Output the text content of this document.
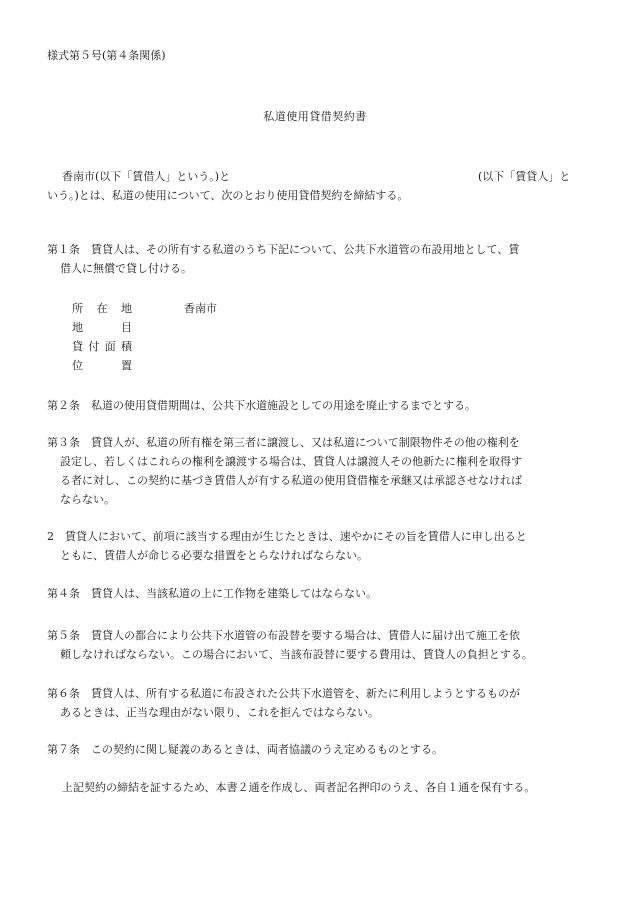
様式第５号(第４条関係)
私道使用貸借契約書
香南市(以下「賃借人」という。)と	(以下「賃貸人」と
いう。)とは、私道の使用について、次のとおり使用貸借契約を締結する。
第１条　賃貸人は、その所有する私道のうち下記について、公共下水道管の布設用地として、賃
借人に無償で貸し付ける。
所在地	香南市
地目
貸付面積
位置
第２条　私道の使用貸借期間は、公共下水道施設としての用途を廃止するまでとする。
第３条　賃貸人が、私道の所有権を第三者に譲渡し、又は私道について制限物件その他の権利を
設定し、若しくはこれらの権利を譲渡する場合は、賃貸人は譲渡人その他新たに権利を取得す
る者に対し、この契約に基づき賃借人が有する私道の使用貸借権を承継又は承認させなければ
ならない。
2　賃貸人において、前項に該当する理由が生じたときは、速やかにその旨を賃借人に申し出ると
ともに、賃借人が命じる必要な措置をとらなければならない。
第４条　賃貸人は、当該私道の上に工作物を建築してはならない。
第５条　賃貸人の都合により公共下水道管の布設替を要する場合は、賃借人に届け出て施工を依
頼しなければならない。この場合において、当該布設替に要する費用は、賃貸人の負担とする。
第６条　賃貸人は、所有する私道に布設された公共下水道管を、新たに利用しようとするものが
あるときは、正当な理由がない限り、これを拒んではならない。
第７条　この契約に関し疑義のあるときは、両者協議のうえ定めるものとする。
上記契約の締結を証するため、本書２通を作成し、両者記名押印のうえ、各自１通を保有する。
